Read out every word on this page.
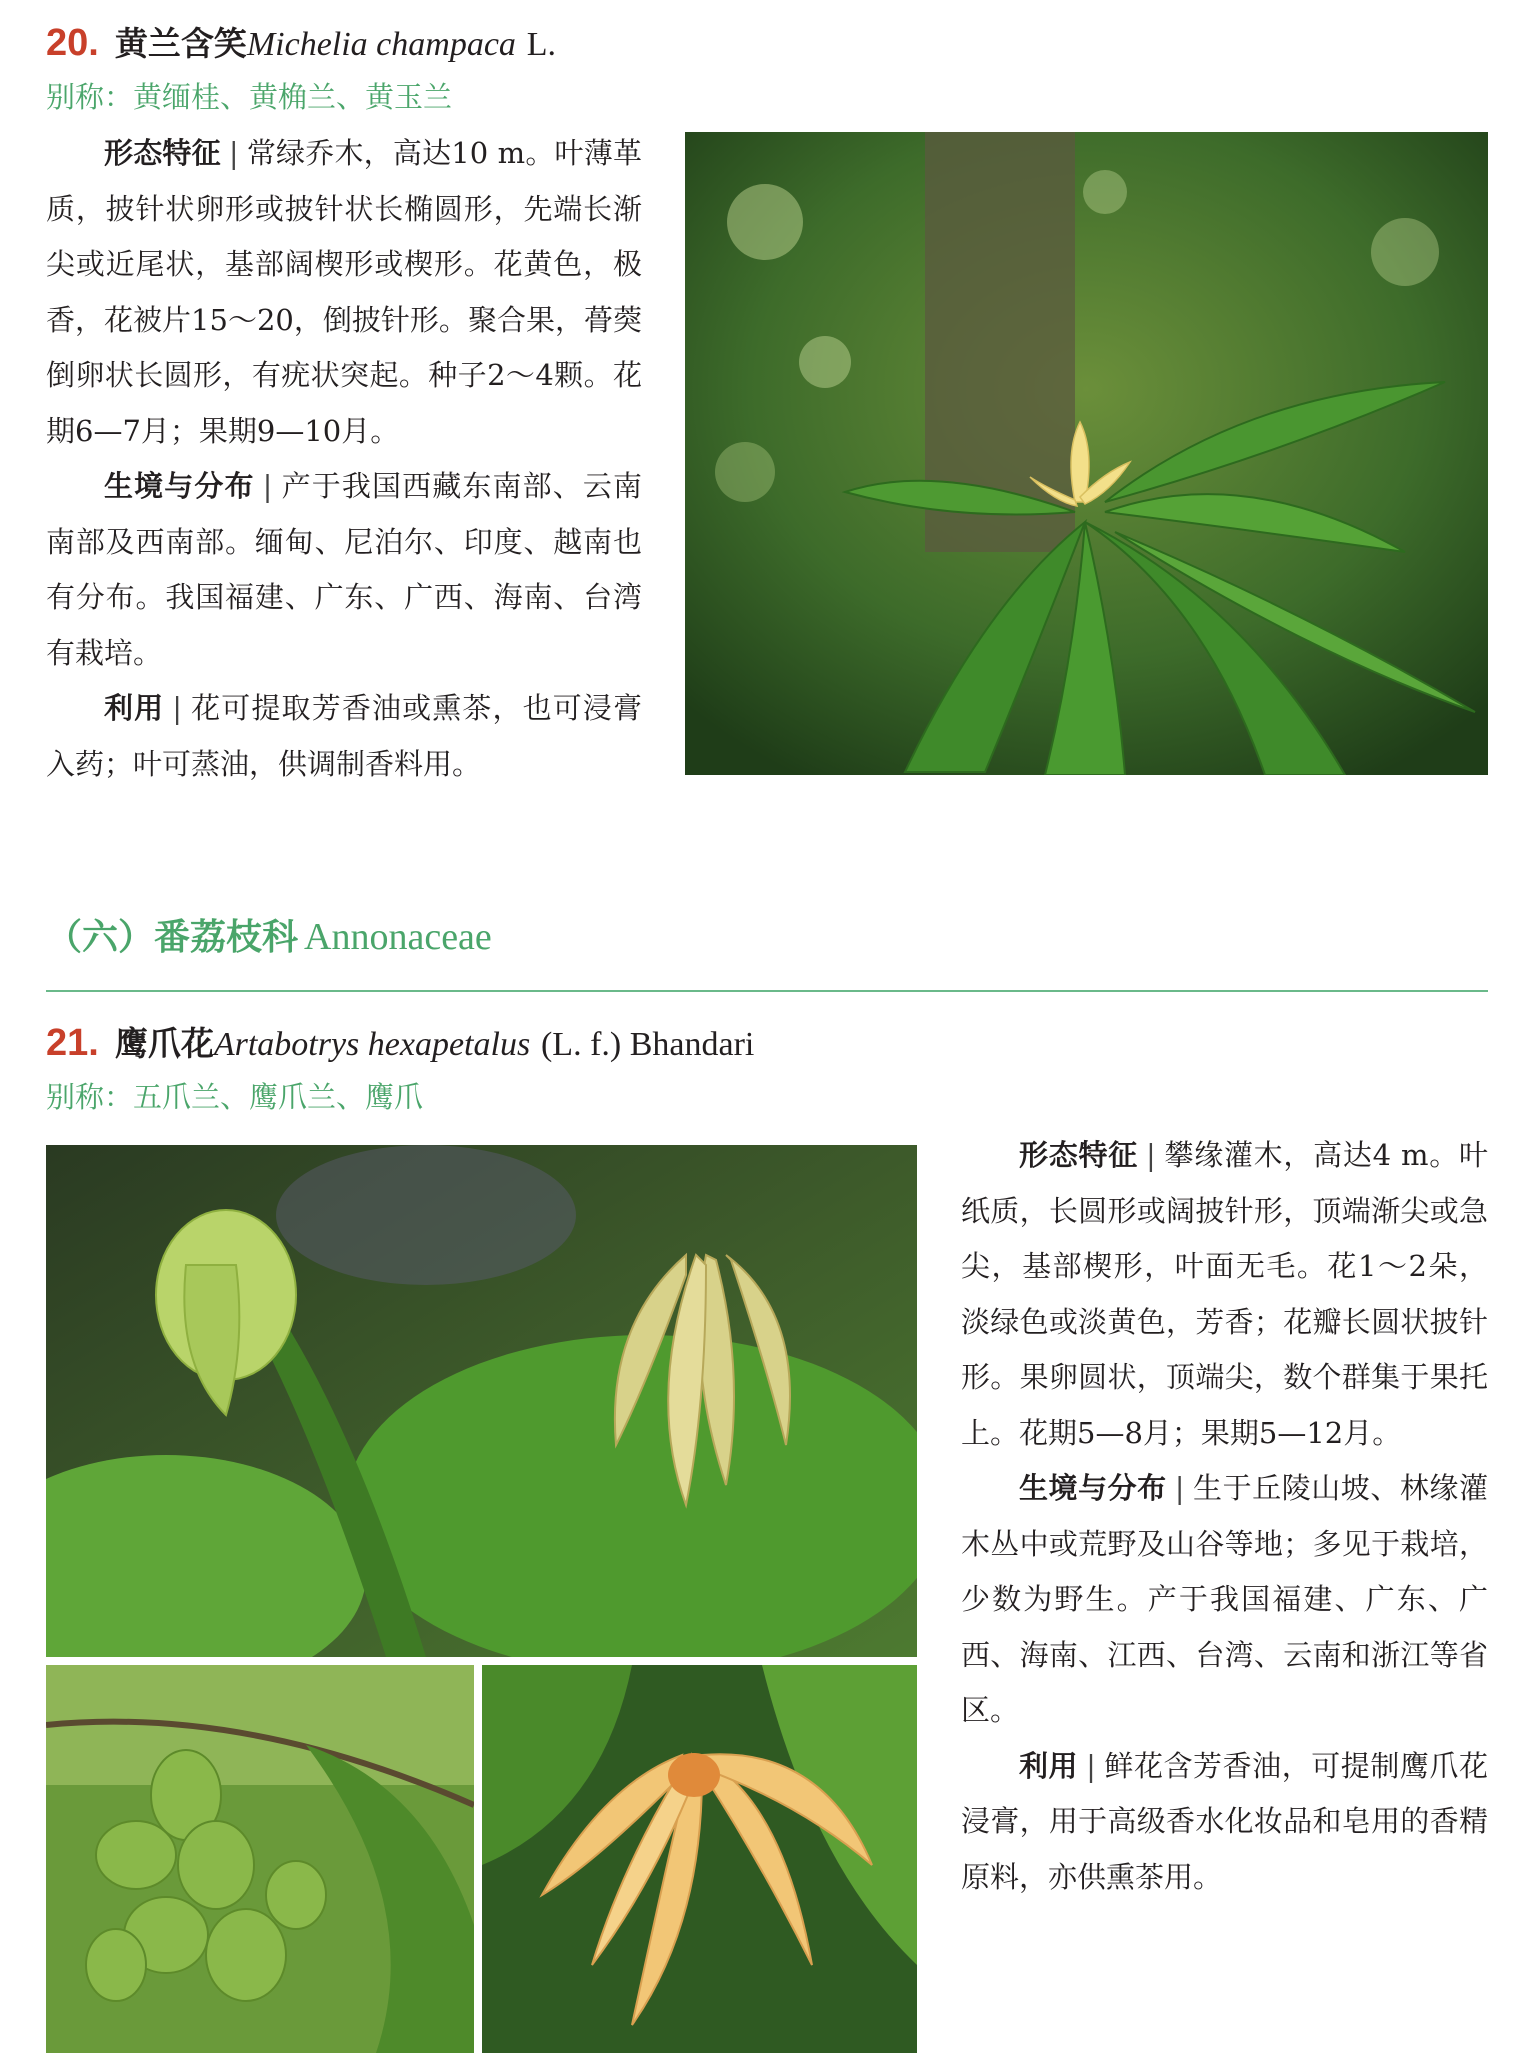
20. 黄兰含笑Michelia champaca L.
别称：黄缅桂、黄桷兰、黄玉兰

形态特征 | 常绿乔木，高达10 m。叶薄革质，披针状卵形或披针状长椭圆形，先端长渐尖或近尾状，基部阔楔形或楔形。花黄色，极香，花被片15～20，倒披针形。聚合果，蓇葖倒卵状长圆形，有疣状突起。种子2～4颗。花期6—7月；果期9—10月。

生境与分布 | 产于我国西藏东南部、云南南部及西南部。缅甸、尼泊尔、印度、越南也有分布。我国福建、广东、广西、海南、台湾有栽培。

利用 | 花可提取芳香油或熏茶，也可浸膏入药；叶可蒸油，供调制香料用。

（六）番荔枝科 Annonaceae
21. 鹰爪花Artabotrys hexapetalus (L. f.) Bhandari
别称：五爪兰、鹰爪兰、鹰爪

形态特征 | 攀缘灌木，高达4 m。叶纸质，长圆形或阔披针形，顶端渐尖或急尖，基部楔形，叶面无毛。花1～2朵，淡绿色或淡黄色，芳香；花瓣长圆状披针形。果卵圆状，顶端尖，数个群集于果托上。花期5—8月；果期5—12月。

生境与分布 | 生于丘陵山坡、林缘灌木丛中或荒野及山谷等地；多见于栽培，少数为野生。产于我国福建、广东、广西、海南、江西、台湾、云南和浙江等省区。

利用 | 鲜花含芳香油，可提制鹰爪花浸膏，用于高级香水化妆品和皂用的香精原料，亦供熏茶用。
